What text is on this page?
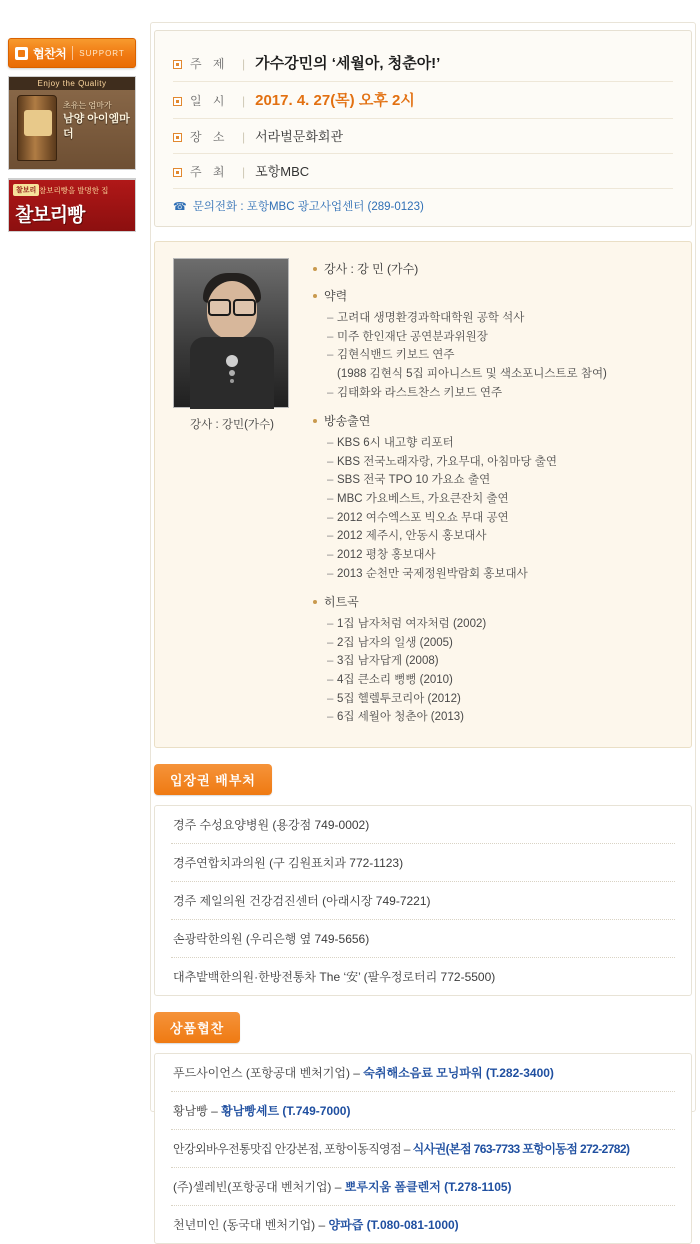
협찬처 SUPPORT
Enjoy the Quality
초유는 엄마가
남양 아이엠마더
찰보리 찰보리빵을 발명한 집
찰보리빵
주 제	| 가수강민의 ‘세월아, 청춘아!’
일 시	| 2017. 4. 27(목) 오후 2시
장 소	| 서라벌문화회관
주 최	| 포항MBC
☎ 문의전화 : 포항MBC 광고사업센터 (289-0123)
강사 : 강민(가수)
강사 : 강 민 (가수)
약력
– 고려대 생명환경과학대학원 공학 석사
– 미주 한인재단 공연분과위원장
– 김현식밴드 키보드 연주
(1988 김현식 5집 피아니스트 및 색소포니스트로 참여)
– 김태화와 라스트찬스 키보드 연주
방송출연
– KBS 6시 내고향 리포터
– KBS 전국노래자랑, 가요무대, 아침마당 출연
– SBS 전국 TPO 10 가요쇼 출연
– MBC 가요베스트, 가요큰잔치 출연
– 2012 여수엑스포 빅오쇼 무대 공연
– 2012 제주시, 안동시 홍보대사
– 2012 평창 홍보대사
– 2013 순천만 국제정원박람회 홍보대사
히트곡
– 1집 남자처럼 여자처럼 (2002)
– 2집 남자의 일생 (2005)
– 3집 남자답게 (2008)
– 4집 큰소리 뻥뻥 (2010)
– 5집 헬렐투코리아 (2012)
– 6집 세월아 청춘아 (2013)
입장권 배부처
경주 수성요양병원 (용강점 749-0002)
경주연합치과의원 (구 김원표치과 772-1123)
경주 제일의원 건강검진센터 (아래시장 749-7221)
손광락한의원 (우리은행 옆 749-5656)
대추밭백한의원·한방전통차 The ‘安’ (팔우정로터리 772-5500)
상품협찬
푸드사이언스 (포항공대 벤처기업) – 숙취해소음료 모닝파워 (T.282-3400)
황남빵 – 황남빵셰트 (T.749-7000)
안강외바우전통맛집 안강본점, 포항이동직영점 – 식사권(본점 763-7733 포항이동점 272-2782)
(주)셀레빈(포항공대 벤처기업) – 뽀루지움 폼클렌저 (T.278-1105)
천년미인 (동국대 벤처기업) – 양파즙 (T.080-081-1000)
